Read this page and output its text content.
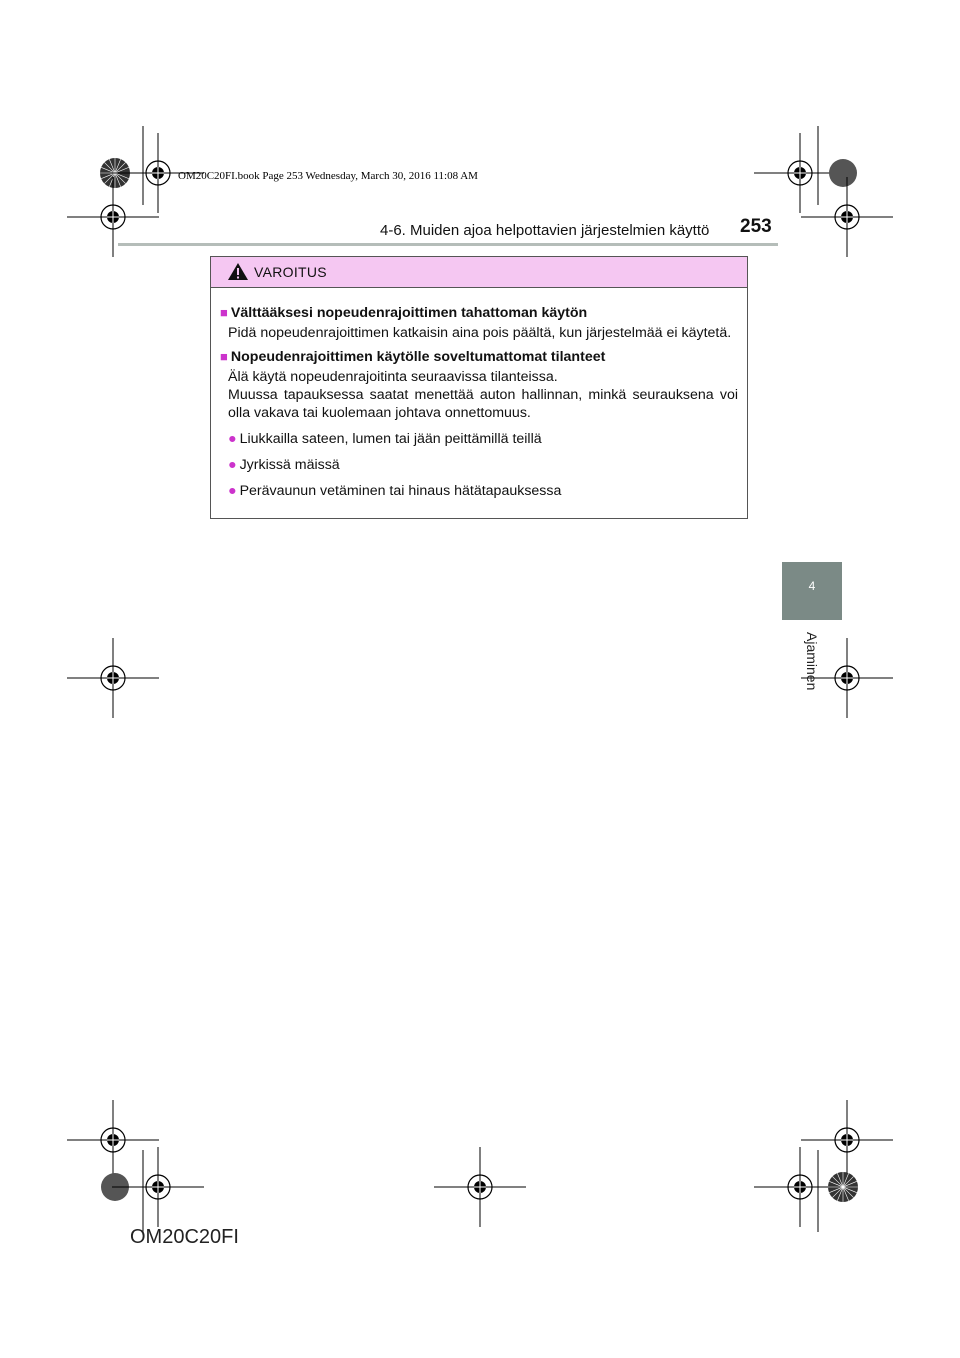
OM20C20FI.book Page 253 Wednesday, March 30, 2016 11:08 AM
4-6. Muiden ajoa helpottavien järjestelmien käyttö 253
4
Ajaminen
VAROITUS
■ Välttääksesi nopeudenrajoittimen tahattoman käytön
Pidä nopeudenrajoittimen katkaisin aina pois päältä, kun järjestelmää ei käytetä.
■ Nopeudenrajoittimen käytölle soveltumattomat tilanteet
Älä käytä nopeudenrajoitinta seuraavissa tilanteissa.
Muussa tapauksessa saatat menettää auton hallinnan, minkä seurauksena voi olla vakava tai kuolemaan johtava onnettomuus.
● Liukkailla sateen, lumen tai jään peittämillä teillä
● Jyrkissä mäissä
● Perävaunun vetäminen tai hinaus hätätapauksessa
OM20C20FI
